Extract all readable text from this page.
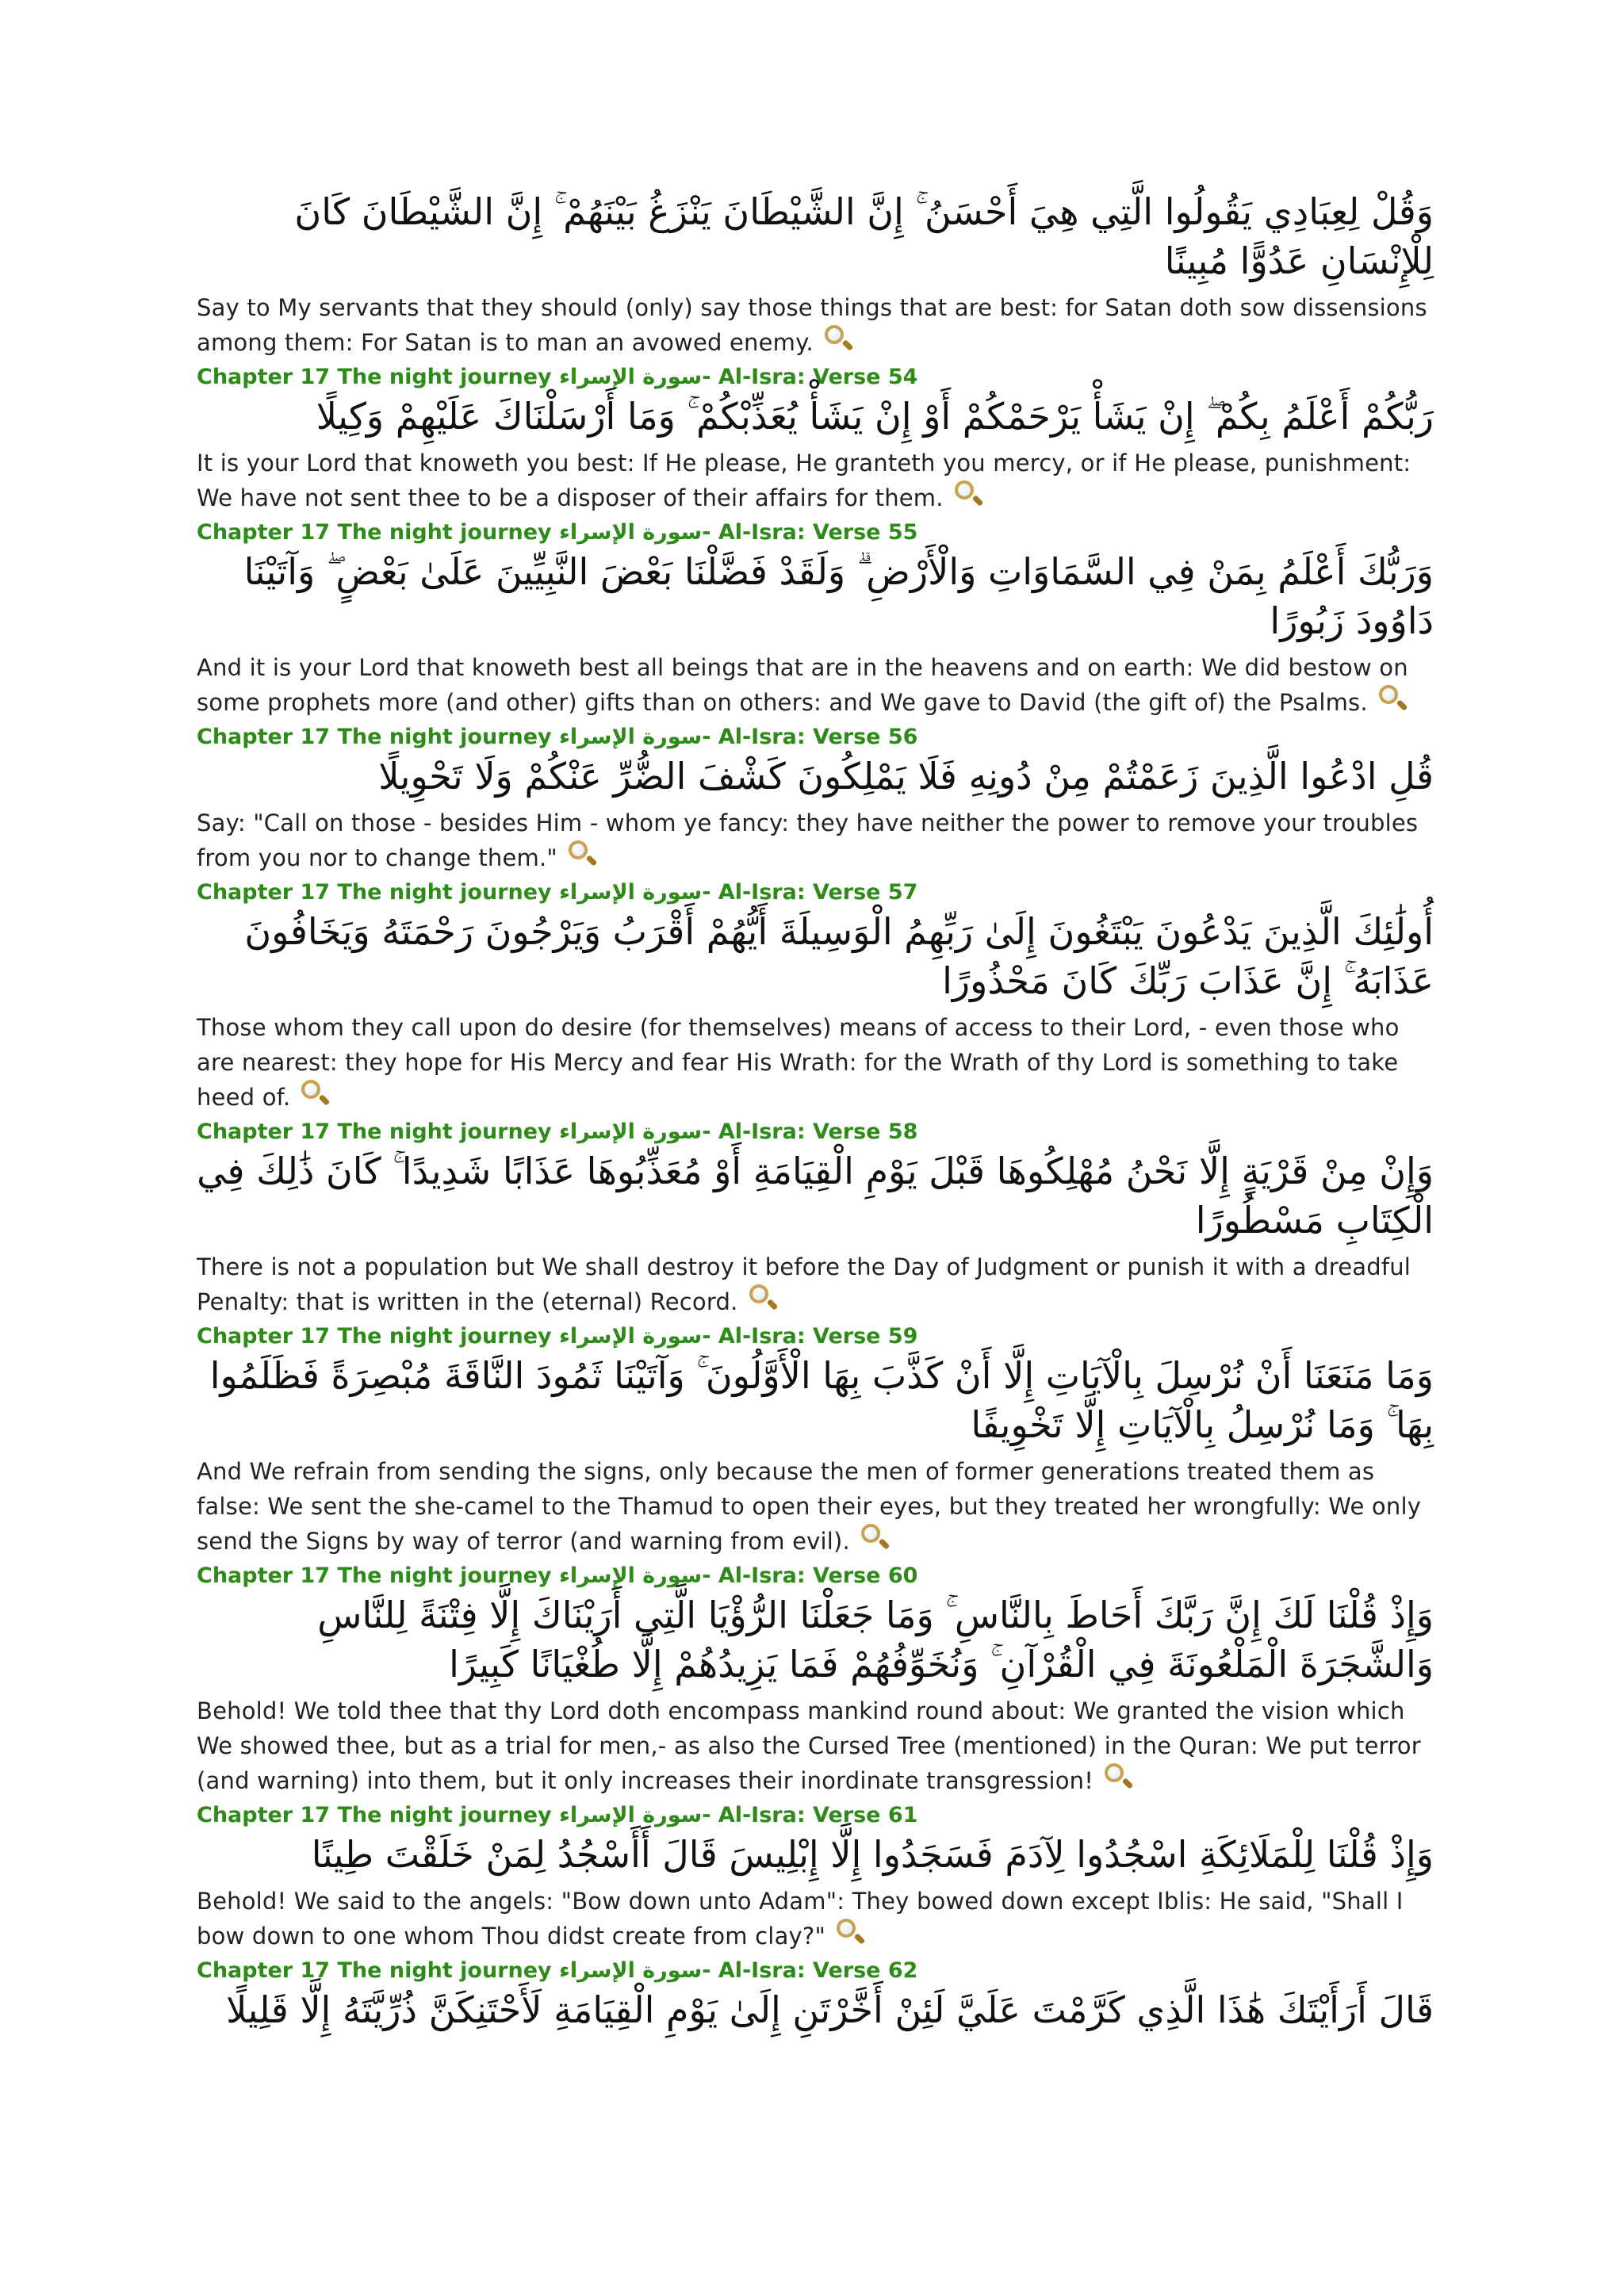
وَقُلْ لِعِبَادِي يَقُولُوا الَّتِي هِيَ أَحْسَنُ ۚ إِنَّ الشَّيْطَانَ يَنْزَغُ بَيْنَهُمْ ۚ إِنَّ الشَّيْطَانَ كَانَ لِلْإِنْسَانِ عَدُوًّا مُبِينًا
Say to My servants that they should (only) say those things that are best: for Satan doth sow dissensions among them: For Satan is to man an avowed enemy.
Chapter 17 The night journey سورة الإسراء- Al-Isra: Verse 54
رَبُّكُمْ أَعْلَمُ بِكُمْ ۖ إِنْ يَشَأْ يَرْحَمْكُمْ أَوْ إِنْ يَشَأْ يُعَذِّبْكُمْ ۚ وَمَا أَرْسَلْنَاكَ عَلَيْهِمْ وَكِيلًا
It is your Lord that knoweth you best: If He please, He granteth you mercy, or if He please, punishment: We have not sent thee to be a disposer of their affairs for them.
Chapter 17 The night journey سورة الإسراء- Al-Isra: Verse 55
وَرَبُّكَ أَعْلَمُ بِمَنْ فِي السَّمَاوَاتِ وَالْأَرْضِ ۗ وَلَقَدْ فَضَّلْنَا بَعْضَ النَّبِيِّينَ عَلَىٰ بَعْضٍ ۖ وَآتَيْنَا دَاوُودَ زَبُورًا
And it is your Lord that knoweth best all beings that are in the heavens and on earth: We did bestow on some prophets more (and other) gifts than on others: and We gave to David (the gift of) the Psalms.
Chapter 17 The night journey سورة الإسراء- Al-Isra: Verse 56
قُلِ ادْعُوا الَّذِينَ زَعَمْتُمْ مِنْ دُونِهِ فَلَا يَمْلِكُونَ كَشْفَ الضُّرِّ عَنْكُمْ وَلَا تَحْوِيلًا
Say: "Call on those - besides Him - whom ye fancy: they have neither the power to remove your troubles from you nor to change them."
Chapter 17 The night journey سورة الإسراء- Al-Isra: Verse 57
أُولَٰئِكَ الَّذِينَ يَدْعُونَ يَبْتَغُونَ إِلَىٰ رَبِّهِمُ الْوَسِيلَةَ أَيُّهُمْ أَقْرَبُ وَيَرْجُونَ رَحْمَتَهُ وَيَخَافُونَ عَذَابَهُ ۚ إِنَّ عَذَابَ رَبِّكَ كَانَ مَحْذُورًا
Those whom they call upon do desire (for themselves) means of access to their Lord, - even those who are nearest: they hope for His Mercy and fear His Wrath: for the Wrath of thy Lord is something to take heed of.
Chapter 17 The night journey سورة الإسراء- Al-Isra: Verse 58
وَإِنْ مِنْ قَرْيَةٍ إِلَّا نَحْنُ مُهْلِكُوهَا قَبْلَ يَوْمِ الْقِيَامَةِ أَوْ مُعَذِّبُوهَا عَذَابًا شَدِيدًا ۚ كَانَ ذَٰلِكَ فِي الْكِتَابِ مَسْطُورًا
There is not a population but We shall destroy it before the Day of Judgment or punish it with a dreadful Penalty: that is written in the (eternal) Record.
Chapter 17 The night journey سورة الإسراء- Al-Isra: Verse 59
وَمَا مَنَعَنَا أَنْ نُرْسِلَ بِالْآيَاتِ إِلَّا أَنْ كَذَّبَ بِهَا الْأَوَّلُونَ ۚ وَآتَيْنَا ثَمُودَ النَّاقَةَ مُبْصِرَةً فَظَلَمُوا بِهَا ۚ وَمَا نُرْسِلُ بِالْآيَاتِ إِلَّا تَخْوِيفًا
And We refrain from sending the signs, only because the men of former generations treated them as false: We sent the she-camel to the Thamud to open their eyes, but they treated her wrongfully: We only send the Signs by way of terror (and warning from evil).
Chapter 17 The night journey سورة الإسراء- Al-Isra: Verse 60
وَإِذْ قُلْنَا لَكَ إِنَّ رَبَّكَ أَحَاطَ بِالنَّاسِ ۚ وَمَا جَعَلْنَا الرُّؤْيَا الَّتِي أَرَيْنَاكَ إِلَّا فِتْنَةً لِلنَّاسِ وَالشَّجَرَةَ الْمَلْعُونَةَ فِي الْقُرْآنِ ۚ وَنُخَوِّفُهُمْ فَمَا يَزِيدُهُمْ إِلَّا طُغْيَانًا كَبِيرًا
Behold! We told thee that thy Lord doth encompass mankind round about: We granted the vision which We showed thee, but as a trial for men,- as also the Cursed Tree (mentioned) in the Quran: We put terror (and warning) into them, but it only increases their inordinate transgression!
Chapter 17 The night journey سورة الإسراء- Al-Isra: Verse 61
وَإِذْ قُلْنَا لِلْمَلَائِكَةِ اسْجُدُوا لِآدَمَ فَسَجَدُوا إِلَّا إِبْلِيسَ قَالَ أَأَسْجُدُ لِمَنْ خَلَقْتَ طِينًا
Behold! We said to the angels: "Bow down unto Adam": They bowed down except Iblis: He said, "Shall I bow down to one whom Thou didst create from clay?"
Chapter 17 The night journey سورة الإسراء- Al-Isra: Verse 62
قَالَ أَرَأَيْتَكَ هَٰذَا الَّذِي كَرَّمْتَ عَلَيَّ لَئِنْ أَخَّرْتَنِ إِلَىٰ يَوْمِ الْقِيَامَةِ لَأَحْتَنِكَنَّ ذُرِّيَّتَهُ إِلَّا قَلِيلًا
